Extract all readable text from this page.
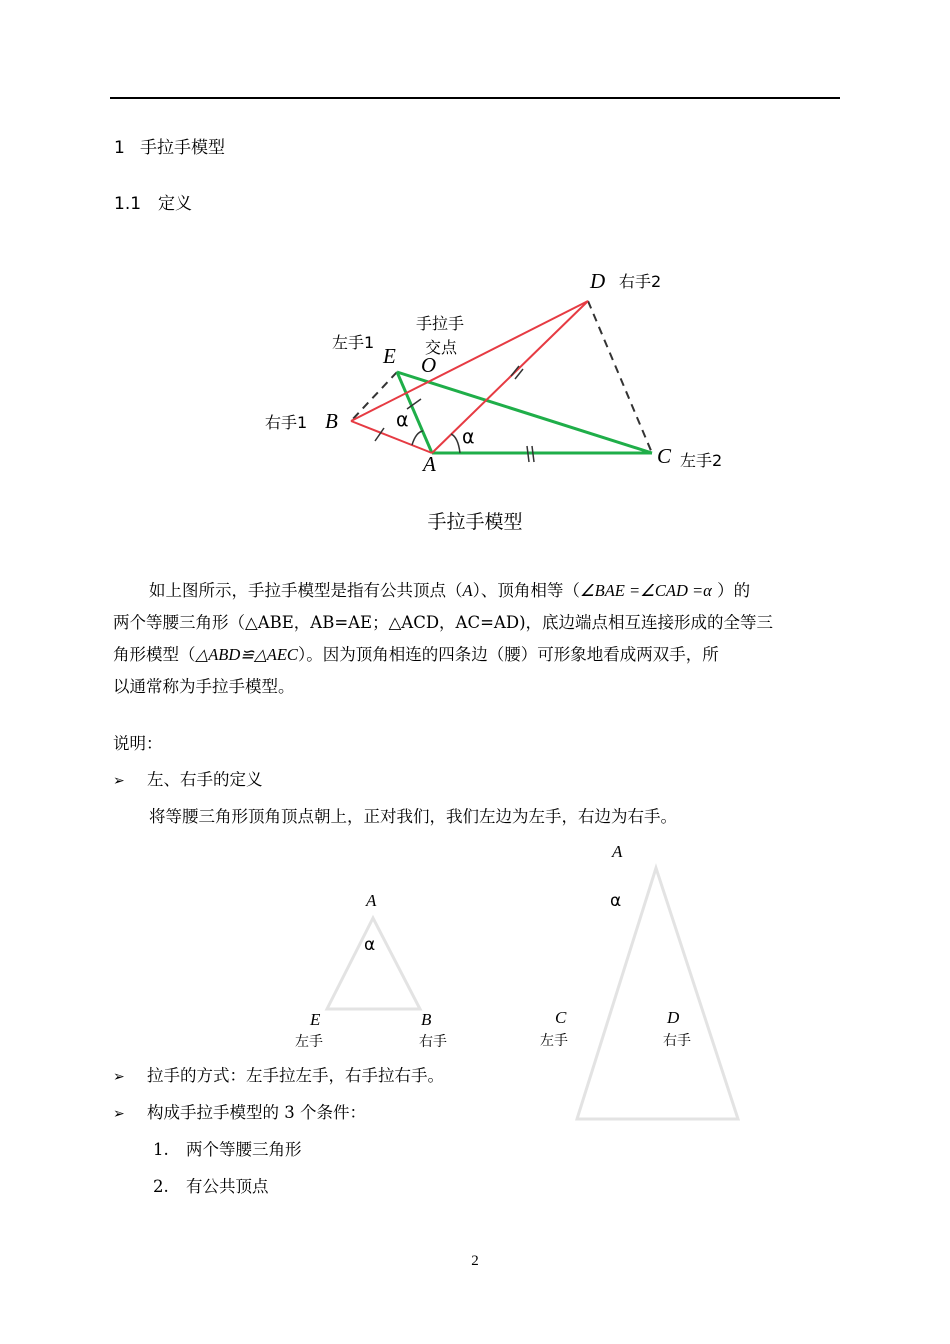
1 手拉手模型
1.1 定义
D 右手2
手拉手
交点
左手1
E O
右手1 B	α
α
A	C 左手2
手拉手模型
如上图所示，手拉手模型是指有公共顶点（A）、顶角相等（∠BAE =∠CAD =α ）的
两个等腰三角形（△ABE，AB=AE；△ACD，AC=AD)，底边端点相互连接形成的全等三
角形模型（△ABD≌△AEC）。因为顶角相连的四条边（腰）可形象地看成两双手，所
以通常称为手拉手模型。
说明：
➢ 左、右手的定义
将等腰三角形顶角顶点朝上，正对我们，我们左边为左手，右边为右手。
A
α
E	B
左手	右手
A
α
C	D
左手	右手
➢ 拉手的方式：左手拉左手，右手拉右手。
➢ 构成手拉手模型的 3 个条件：
1. 两个等腰三角形
2. 有公共顶点
2
